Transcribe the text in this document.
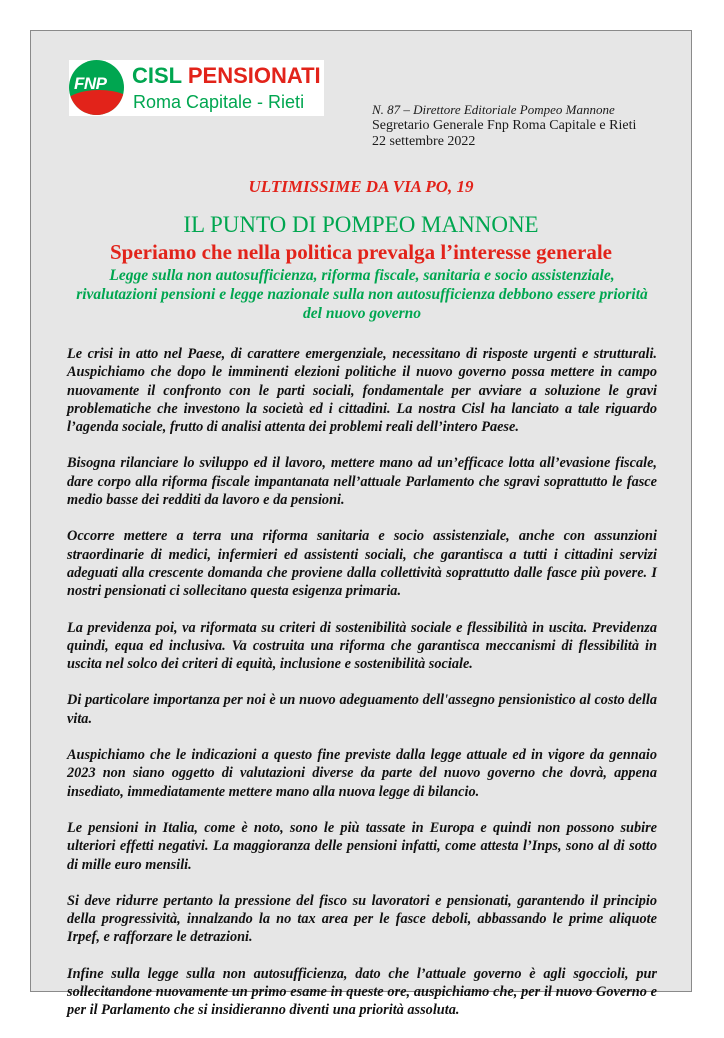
FNP CISL PENSIONATI
Roma Capitale - Rieti	N. 87 – Direttore Editoriale Pompeo Mannone
Segretario Generale Fnp Roma Capitale e Rieti
22 settembre 2022
ULTIMISSIME DA VIA PO, 19
IL PUNTO DI POMPEO MANNONE
Speriamo che nella politica prevalga l’interesse generale
Legge sulla non autosufficienza, riforma fiscale, sanitaria e socio assistenziale, rivalutazioni pensioni e legge nazionale sulla non autosufficienza debbono essere priorità del nuovo governo

Le crisi in atto nel Paese, di carattere emergenziale, necessitano di risposte urgenti e strutturali. Auspichiamo che dopo le imminenti elezioni politiche il nuovo governo possa mettere in campo nuovamente il confronto con le parti sociali, fondamentale per avviare a soluzione le gravi problematiche che investono la società ed i cittadini. La nostra Cisl ha lanciato a tale riguardo l’agenda sociale, frutto di analisi attenta dei problemi reali dell’intero Paese.

Bisogna rilanciare lo sviluppo ed il lavoro, mettere mano ad un’efficace lotta all’evasione fiscale, dare corpo alla riforma fiscale impantanata nell’attuale Parlamento che sgravi soprattutto le fasce medio basse dei redditi da lavoro e da pensioni.

Occorre mettere a terra una riforma sanitaria e socio assistenziale, anche con assunzioni straordinarie di medici, infermieri ed assistenti sociali, che garantisca a tutti i cittadini servizi adeguati alla crescente domanda che proviene dalla collettività soprattutto dalle fasce più povere. I nostri pensionati ci sollecitano questa esigenza primaria.

La previdenza poi, va riformata su criteri di sostenibilità sociale e flessibilità in uscita. Previdenza quindi, equa ed inclusiva. Va costruita una riforma che garantisca meccanismi di flessibilità in uscita nel solco dei criteri di equità, inclusione e sostenibilità sociale.

Di particolare importanza per noi è un nuovo adeguamento dell'assegno pensionistico al costo della vita.

Auspichiamo che le indicazioni a questo fine previste dalla legge attuale ed in vigore da gennaio 2023 non siano oggetto di valutazioni diverse da parte del nuovo governo che dovrà, appena insediato, immediatamente mettere mano alla nuova legge di bilancio.

Le pensioni in Italia, come è noto, sono le più tassate in Europa e quindi non possono subire ulteriori effetti negativi. La maggioranza delle pensioni infatti, come attesta l’Inps, sono al di sotto di mille euro mensili.

Si deve ridurre pertanto la pressione del fisco su lavoratori e pensionati, garantendo il principio della progressività, innalzando la no tax area per le fasce deboli, abbassando le prime aliquote Irpef, e rafforzare le detrazioni.

Infine sulla legge sulla non autosufficienza, dato che l’attuale governo è agli sgoccioli, pur sollecitandone nuovamente un primo esame in queste ore, auspichiamo che, per il nuovo Governo e per il Parlamento che si insidieranno diventi una priorità assoluta.
